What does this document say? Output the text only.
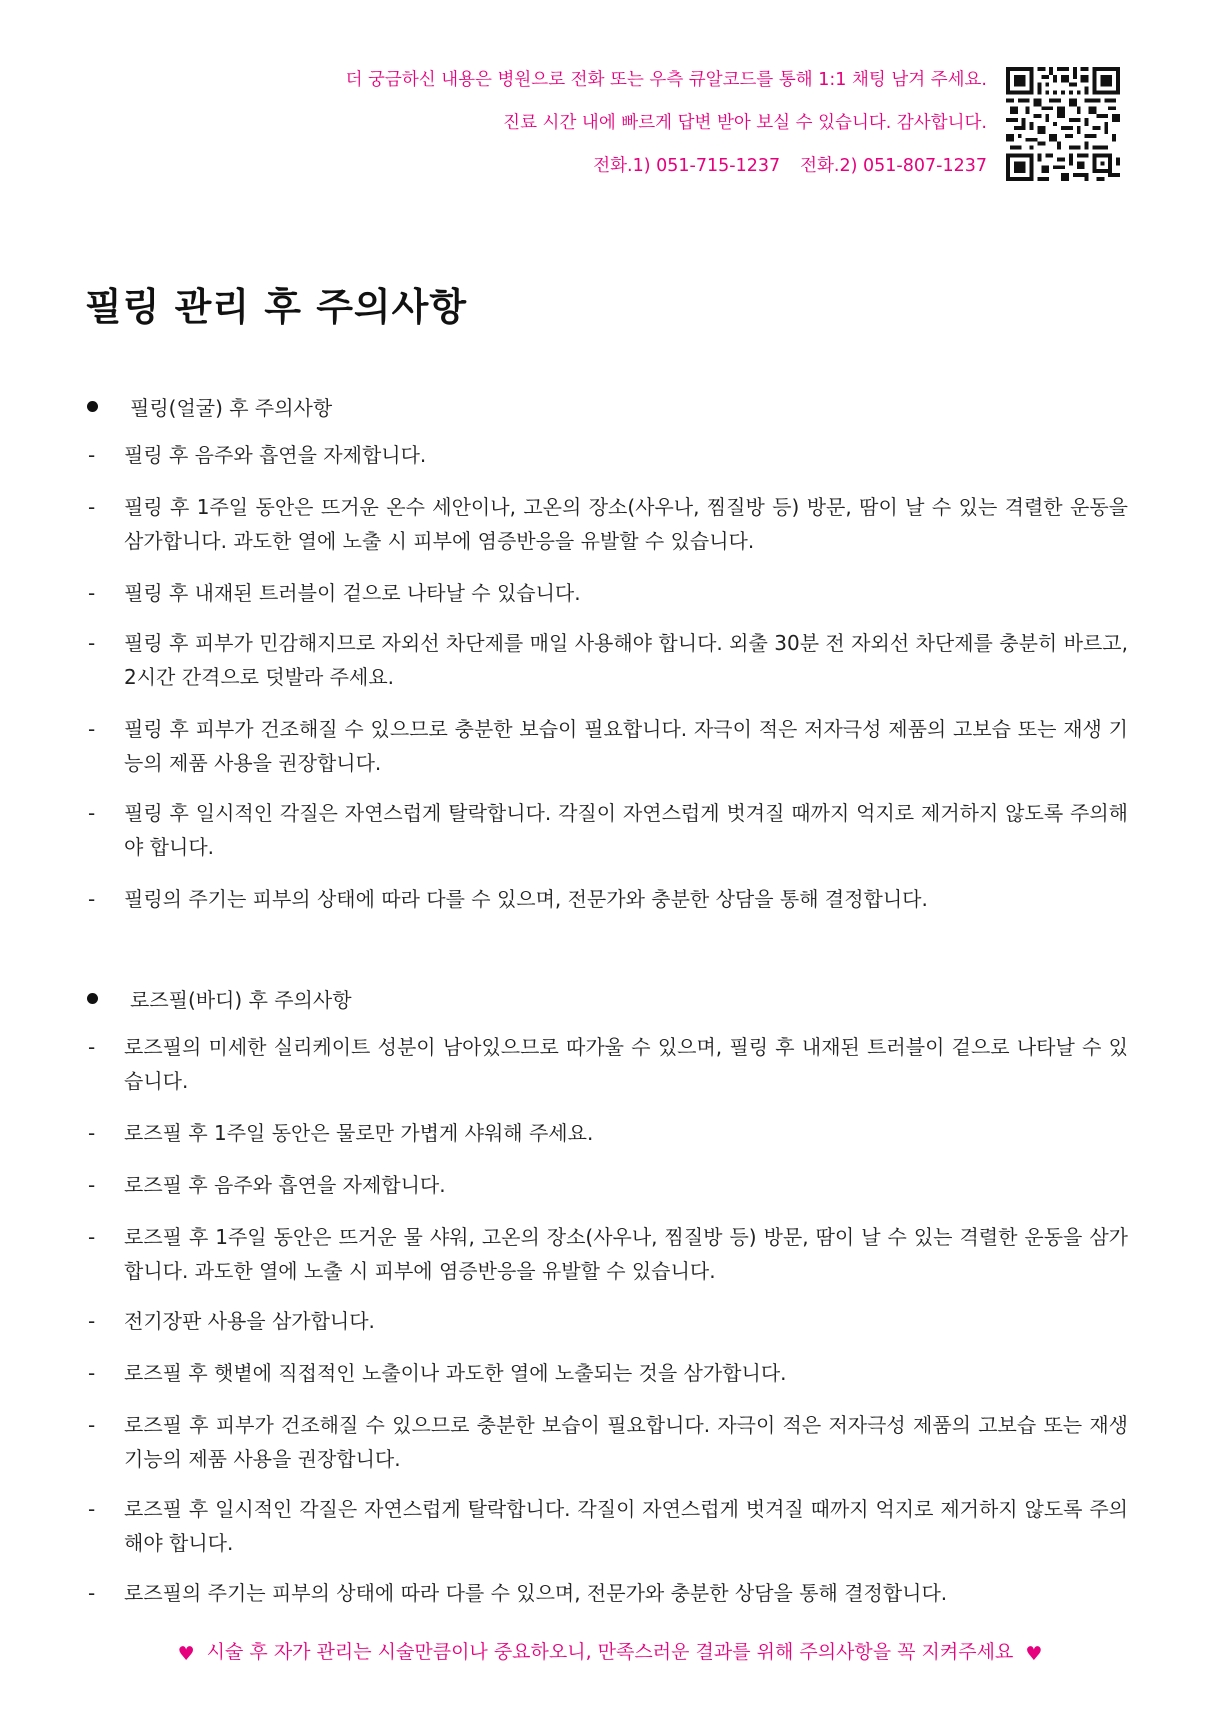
더 궁금하신 내용은 병원으로 전화 또는 우측 큐알코드를 통해 1:1 채팅 남겨 주세요.
진료 시간 내에 빠르게 답변 받아 보실 수 있습니다. 감사합니다.
전화.1) 051-715-1237 전화.2) 051-807-1237
필링 관리 후 주의사항
필링(얼굴) 후 주의사항
-	필링 후 음주와 흡연을 자제합니다.
-	필링 후 1주일 동안은 뜨거운 온수 세안이나, 고온의 장소(사우나, 찜질방 등) 방문, 땀이 날 수 있는 격렬한 운동을 삼가합니다. 과도한 열에 노출 시 피부에 염증반응을 유발할 수 있습니다.
-	필링 후 내재된 트러블이 겉으로 나타날 수 있습니다.
-	필링 후 피부가 민감해지므로 자외선 차단제를 매일 사용해야 합니다. 외출 30분 전 자외선 차단제를 충분히 바르고, 2시간 간격으로 덧발라 주세요.
-	필링 후 피부가 건조해질 수 있으므로 충분한 보습이 필요합니다. 자극이 적은 저자극성 제품의 고보습 또는 재생 기능의 제품 사용을 권장합니다.
-	필링 후 일시적인 각질은 자연스럽게 탈락합니다. 각질이 자연스럽게 벗겨질 때까지 억지로 제거하지 않도록 주의해야 합니다.
-	필링의 주기는 피부의 상태에 따라 다를 수 있으며, 전문가와 충분한 상담을 통해 결정합니다.
로즈필(바디) 후 주의사항
-	로즈필의 미세한 실리케이트 성분이 남아있으므로 따가울 수 있으며, 필링 후 내재된 트러블이 겉으로 나타날 수 있습니다.
-	로즈필 후 1주일 동안은 물로만 가볍게 샤워해 주세요.
-	로즈필 후 음주와 흡연을 자제합니다.
-	로즈필 후 1주일 동안은 뜨거운 물 샤워, 고온의 장소(사우나, 찜질방 등) 방문, 땀이 날 수 있는 격렬한 운동을 삼가합니다. 과도한 열에 노출 시 피부에 염증반응을 유발할 수 있습니다.
-	전기장판 사용을 삼가합니다.
-	로즈필 후 햇볕에 직접적인 노출이나 과도한 열에 노출되는 것을 삼가합니다.
-	로즈필 후 피부가 건조해질 수 있으므로 충분한 보습이 필요합니다. 자극이 적은 저자극성 제품의 고보습 또는 재생 기능의 제품 사용을 권장합니다.
-	로즈필 후 일시적인 각질은 자연스럽게 탈락합니다. 각질이 자연스럽게 벗겨질 때까지 억지로 제거하지 않도록 주의해야 합니다.
-	로즈필의 주기는 피부의 상태에 따라 다를 수 있으며, 전문가와 충분한 상담을 통해 결정합니다.
♥ 시술 후 자가 관리는 시술만큼이나 중요하오니, 만족스러운 결과를 위해 주의사항을 꼭 지켜주세요 ♥
